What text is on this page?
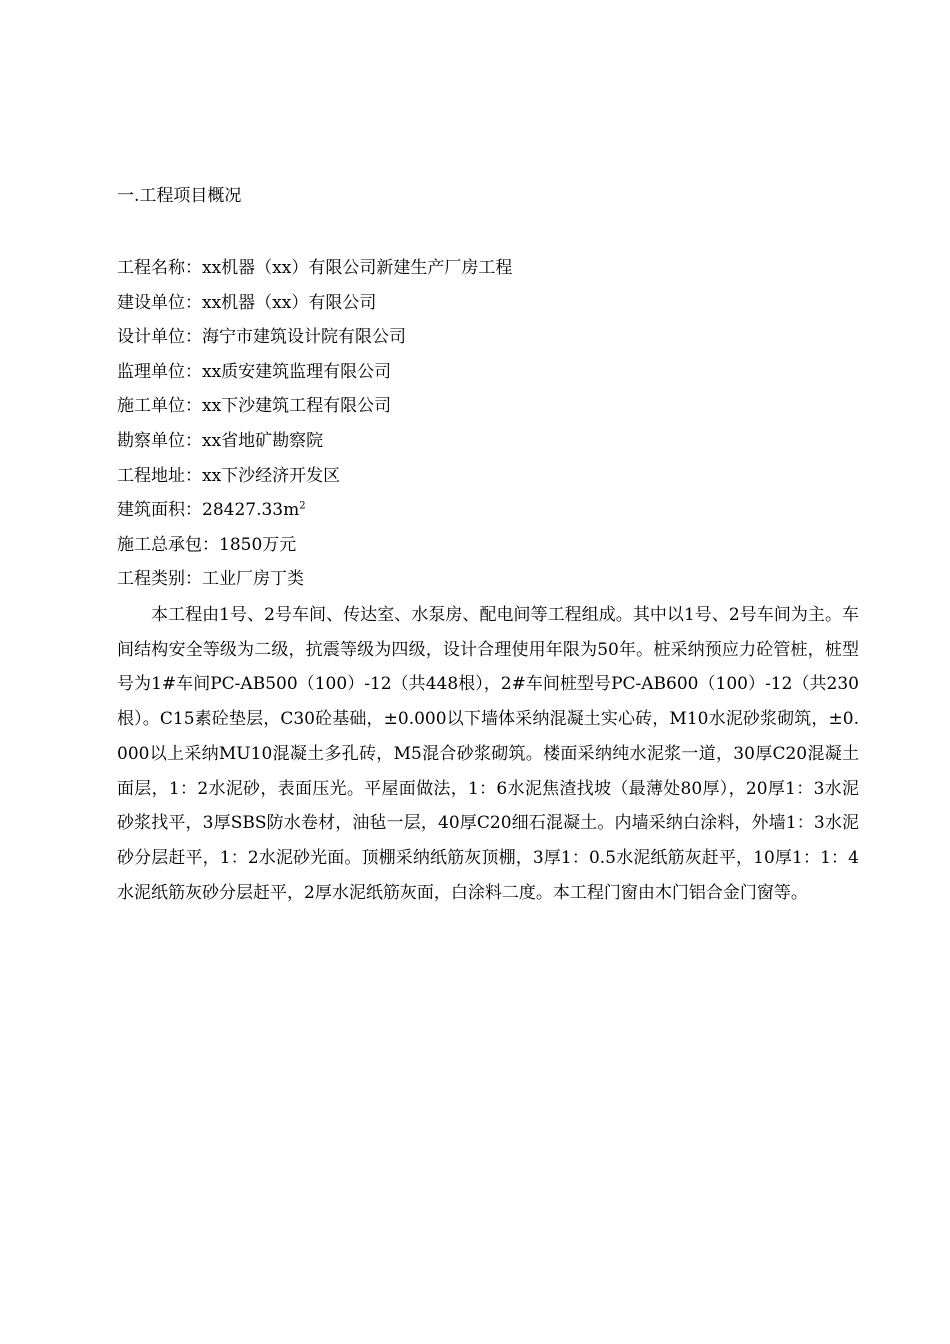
一.工程项目概况
工程名称 ： xx机器（xx）有限公司新建生产厂房工程
建设单位 ： xx机器（xx）有限公司
设计单位 ： 海宁市建筑设计院有限公司
监理单位 ： xx质安建筑监理有限公司
施工单位 ： xx下沙建筑工程有限公司
勘察单位 ： xx省地矿勘察院
工程地址 ： xx下沙经济开发区
建筑面积 ： $28427.33m^2$
施工总承包 ： 1850万元
工程类别 ： 工业厂房丁类

本工程由1号、2号车间、传达室、水泵房、配电间等工程组成。其中以1号、2号车间为主。车间结构安全等级为二级，抗震等级为四级，设计合理使用年限为50年。桩采纳预应力砼管桩，桩型号为1#车间PC-AB500（100）-12（共448根），2#车间桩型号PC-AB600（100）-12（共230根）。C15素砼垫层，C30砼基础，±0.000以下墙体采纳混凝土实心砖，M10水泥砂浆砌筑，±0.000以上采纳MU10混凝土多孔砖，M5混合砂浆砌筑。楼面采纳纯水泥浆一道，30厚C20混凝土面层，1：2水泥砂，表面压光。平屋面做法，1：6水泥焦渣找坡（最薄处80厚），20厚1：3水泥砂浆找平，3厚SBS防水卷材，油毡一层，40厚C20细石混凝土。内墙采纳白涂料，外墙1：3水泥砂分层赶平，1：2水泥砂光面。顶棚采纳纸筋灰顶棚，3厚1：0.5水泥纸筋灰赶平，10厚1：1：4水泥纸筋灰砂分层赶平，2厚水泥纸筋灰面，白涂料二度。本工程门窗由木门铝合金门窗等。
